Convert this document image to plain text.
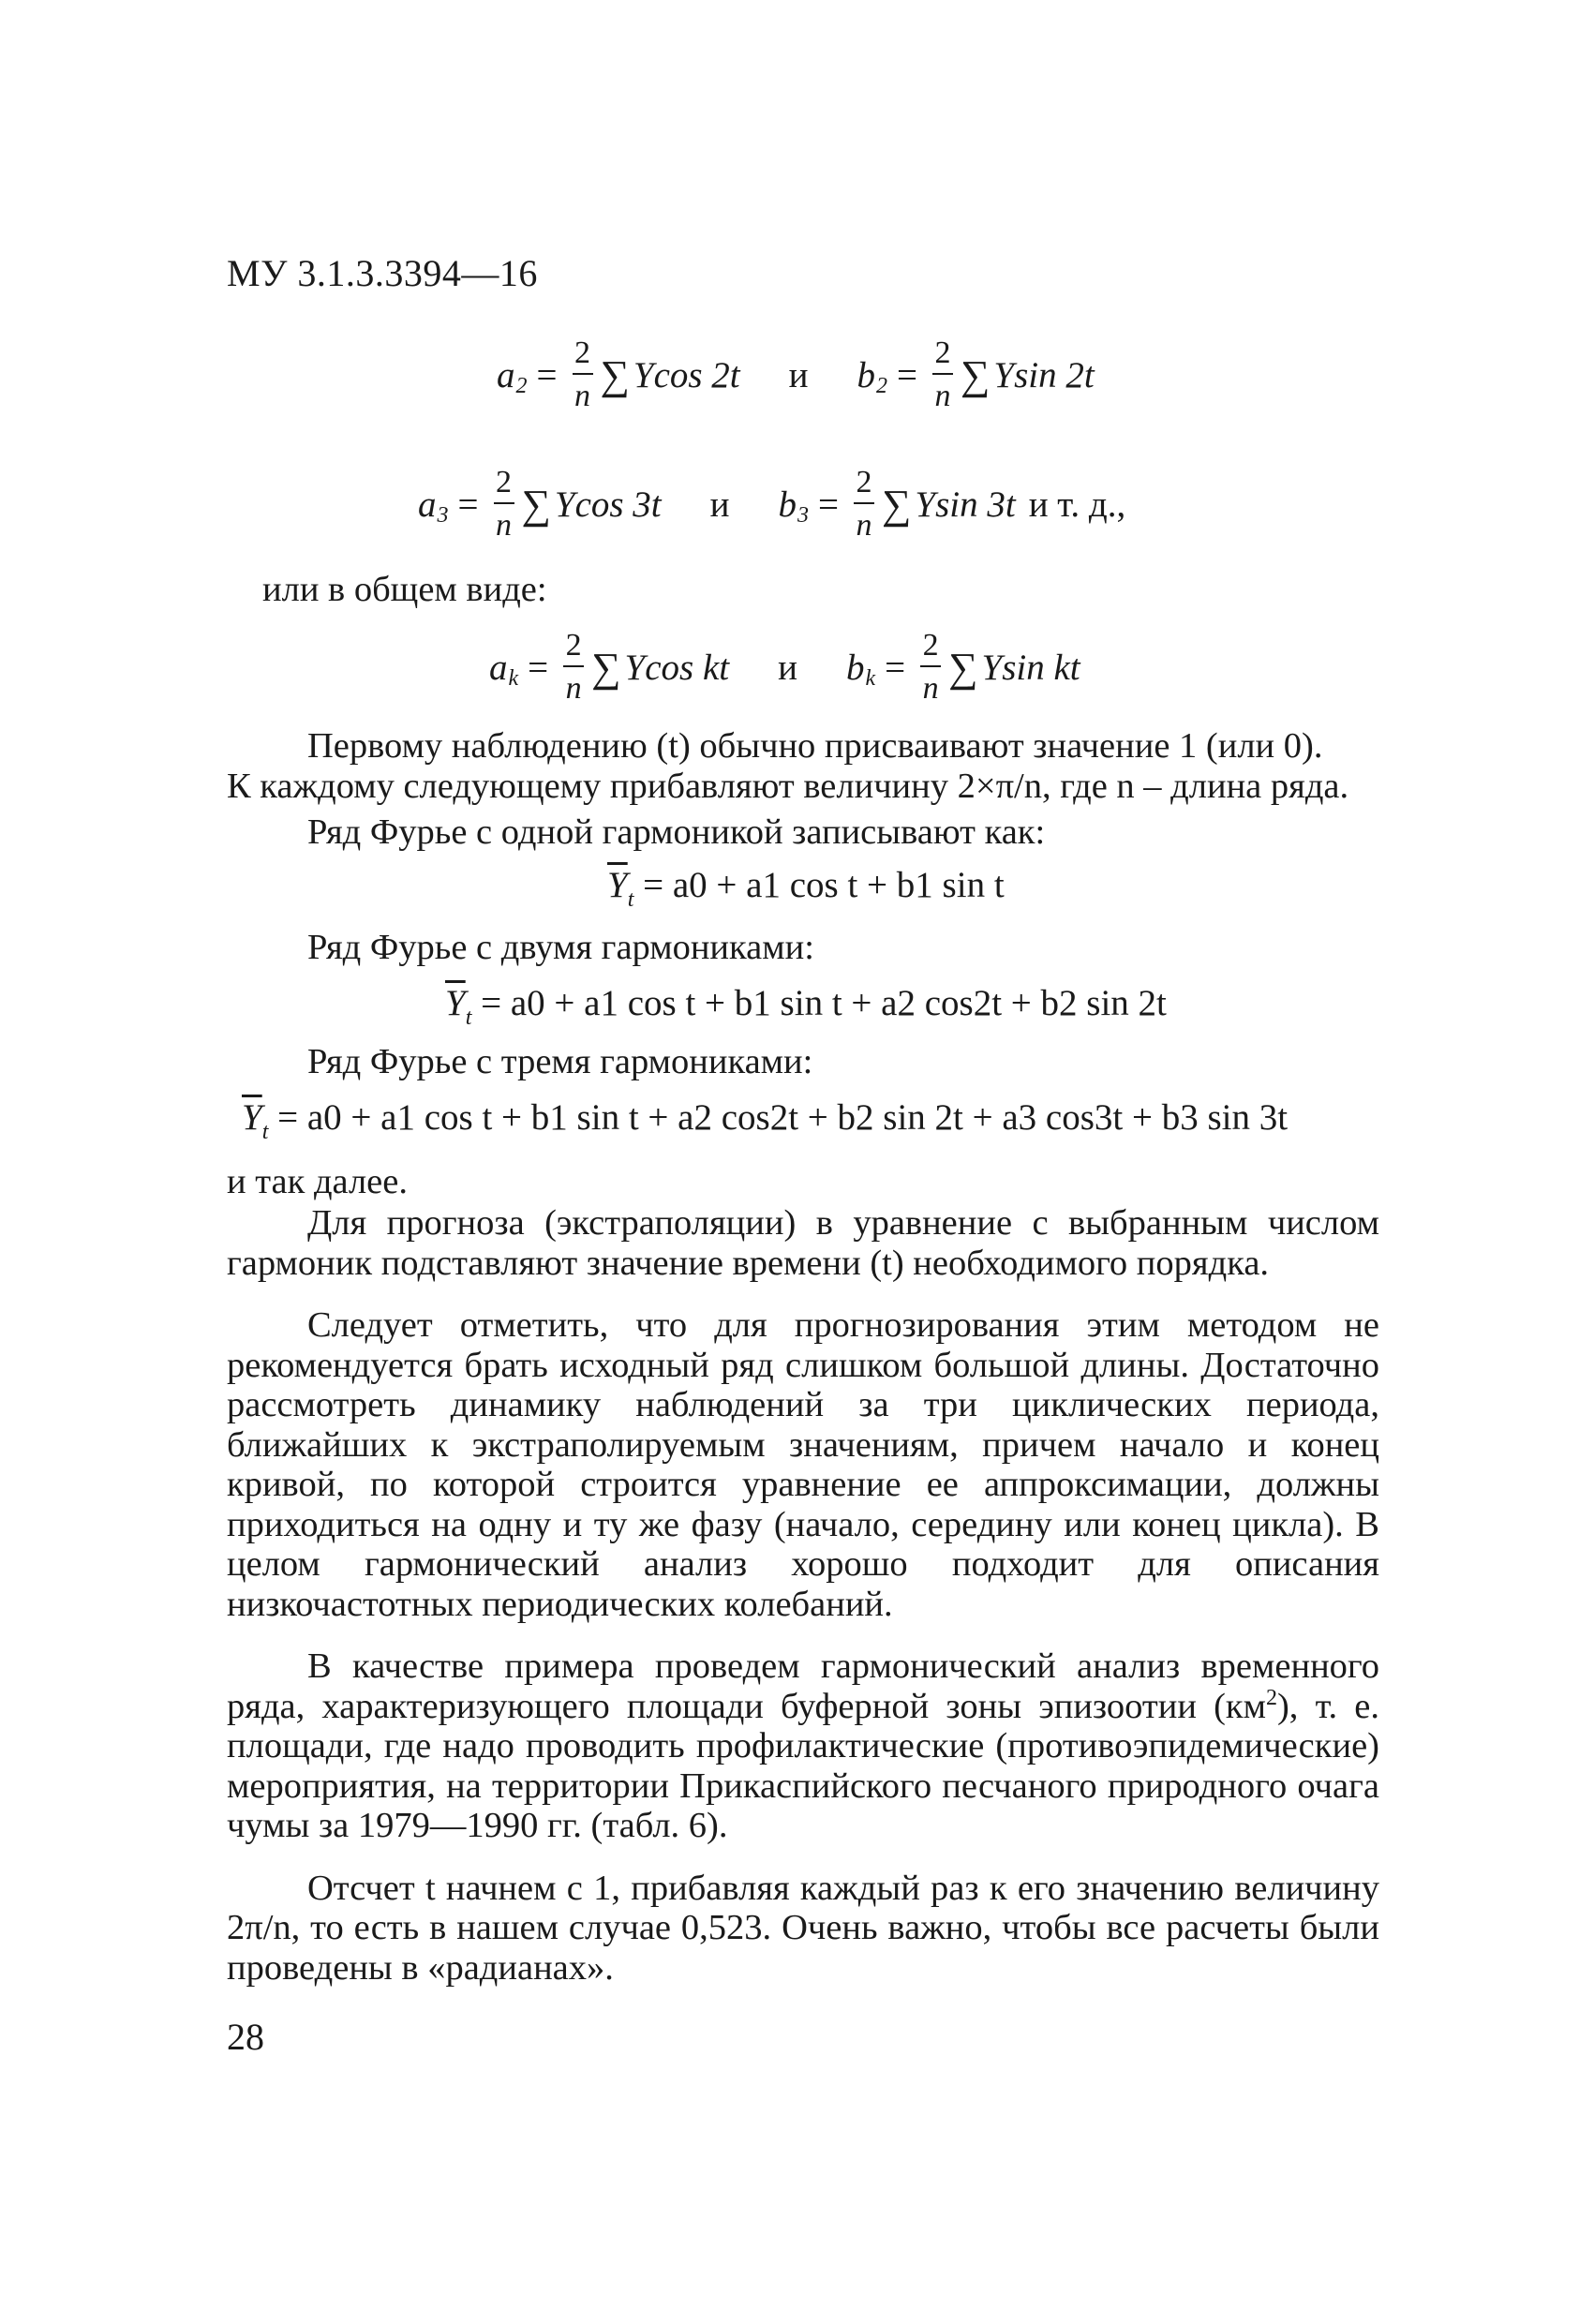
МУ 3.1.3.3394—16
a $2 = \frac{2}{n}$ ∑ Ycos 2t и b $2 = \frac{2}{n}$ ∑ Ysin 2t
a $3 = \frac{2}{n}$ ∑ Ycos 3t и b $3 = \frac{2}{n}$ ∑ Ysin 3t и т. д.,
или в общем виде:
a $k = \frac{2}{n}$ ∑ Ycos kt и b $k = \frac{2}{n}$ ∑ Ysin kt
Первому наблюдению (t) обычно присваивают значение 1 (или 0).
К каждому следующему прибавляют величину 2×π/n, где n – длина ряда.
Ряд Фурье с одной гармоникой записывают как:
$\overline{Y}_t = a0 + a1$ cos t + b1 sin t
Ряд Фурье с двумя гармониками:
$\overline{Y}_t = a0 + a1$ cos t + b1 sin t + a2 cos2t + b2 sin 2t
Ряд Фурье с тремя гармониками:
$\overline{Y}_t = a0 + a1$ cos t + b1 sin t + a2 cos2t + b2 sin 2t + a3 cos3t + b3 sin 3t
и так далее.

Для прогноза (экстраполяции) в уравнение с выбранным числом гармоник подставляют значение времени (t) необходимого порядка.

Следует отметить, что для прогнозирования этим методом не рекомендуется брать исходный ряд слишком большой длины. Достаточно рассмотреть динамику наблюдений за три циклических периода, ближайших к экстраполируемым значениям, причем начало и конец кривой, по которой строится уравнение ее аппроксимации, должны приходиться на одну и ту же фазу (начало, середину или конец цикла). В целом гармонический анализ хорошо подходит для описания низкочастотных периодических колебаний.

В качестве примера проведем гармонический анализ временного ряда, характеризующего площади буферной зоны эпизоотии $(км^2)$, т. е. площади, где надо проводить профилактические (противоэпидемические) мероприятия, на территории Прикаспийского песчаного природного очага чумы за 1979—1990 гг. (табл. 6).

Отсчет t начнем с 1, прибавляя каждый раз к его значению величину 2π/n, то есть в нашем случае 0,523. Очень важно, чтобы все расчеты были проведены в «радианах».

28
